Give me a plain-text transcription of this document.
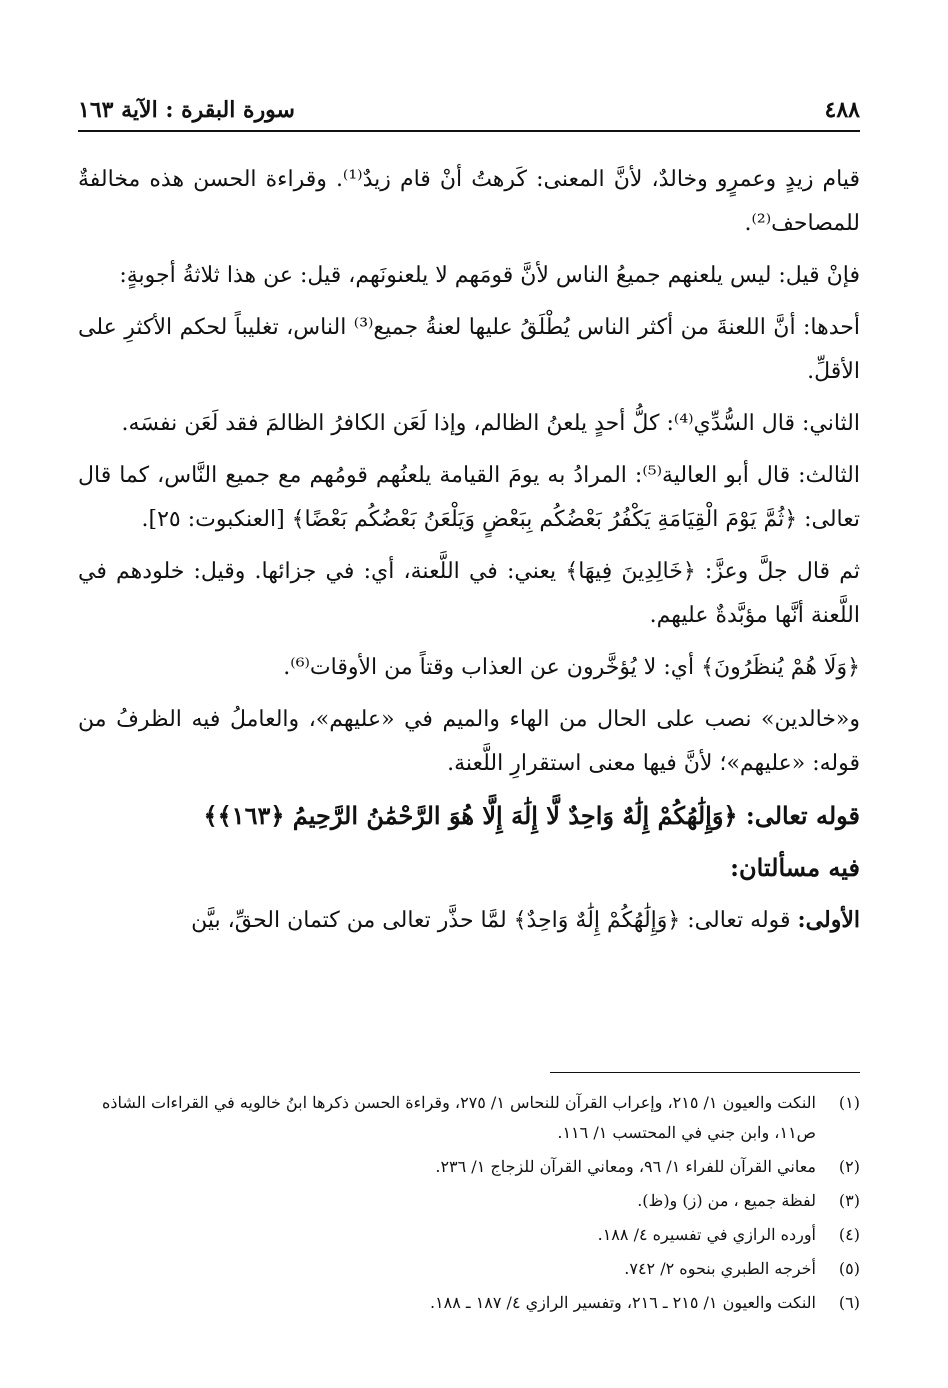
٤٨٨
سورة البقرة : الآية ١٦٣

قيام زيدٍ وعمرٍو وخالدٌ، لأنَّ المعنى: كَرهتُ أنْ قام زيدٌ⁽¹⁾. وقراءة الحسن هذه مخالفةٌ للمصاحف⁽²⁾.

فإنْ قيل: ليس يلعنهم جميعُ الناس لأنَّ قومَهم لا يلعنونَهم، قيل: عن هذا ثلاثةُ أجوبةٍ:

أحدها: أنَّ اللعنةَ من أكثر الناس يُطْلَقُ عليها لعنةُ جميع⁽³⁾ الناس، تغليباً لحكم الأكثرِ على الأقلِّ.

الثاني: قال السُّدِّي⁽⁴⁾: كلُّ أحدٍ يلعنُ الظالم، وإذا لَعَن الكافرُ الظالمَ فقد لَعَن نفسَه.

الثالث: قال أبو العالية⁽⁵⁾: المرادُ به يومَ القيامة يلعنُهم قومُهم مع جميع النَّاس، كما قال تعالى: ﴿ثُمَّ يَوْمَ الْقِيَامَةِ يَكْفُرُ بَعْضُكُم بِبَعْضٍ وَيَلْعَنُ بَعْضُكُم بَعْضًا﴾ [العنكبوت: ٢٥].

ثم قال جلَّ وعزَّ: ﴿خَالِدِينَ فِيهَا﴾ يعني: في اللَّعنة، أي: في جزائها. وقيل: خلودهم في اللَّعنة أنَّها مؤبَّدةٌ عليهم.

﴿وَلَا هُمْ يُنظَرُونَ﴾ أي: لا يُؤخَّرون عن العذاب وقتاً من الأوقات⁽⁶⁾.

و«خالدين» نصب على الحال من الهاء والميم في «عليهم»، والعاملُ فيه الظرفُ من قوله: «عليهم»؛ لأنَّ فيها معنى استقرارِ اللَّعنة.

قوله تعالى: ﴿وَإِلَٰهُكُمْ إِلَٰهٌ وَاحِدٌ لَّا إِلَٰهَ إِلَّا هُوَ الرَّحْمَٰنُ الرَّحِيمُ ﴿١٦٣﴾﴾

فيه مسألتان:

الأولى: قوله تعالى: ﴿وَإِلَٰهُكُمْ إِلَٰهٌ وَاحِدٌ﴾ لمَّا حذَّر تعالى من كتمان الحقِّ، بيَّن

(١)
النكت والعيون ١/ ٢١٥، وإعراب القرآن للنحاس ١/ ٢٧٥، وقراءة الحسن ذكرها ابنُ خالويه في القراءات الشاذه ص١١، وابن جني في المحتسب ١/ ١١٦.
(٢)
معاني القرآن للفراء ١/ ٩٦، ومعاني القرآن للزجاج ١/ ٢٣٦.
(٣)
لفظة جميع ، من (ز) و(ظ).
(٤)
أورده الرازي في تفسيره ٤/ ١٨٨.
(٥)
أخرجه الطبري بنحوه ٢/ ٧٤٢.
(٦)
النكت والعيون ١/ ٢١٥ ـ ٢١٦، وتفسير الرازي ٤/ ١٨٧ ـ ١٨٨.
